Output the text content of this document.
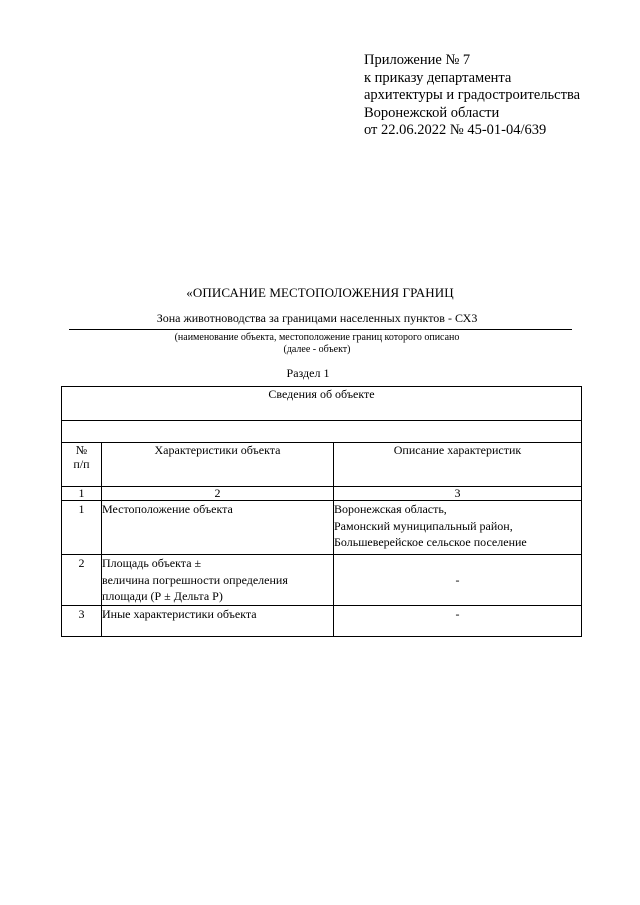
Приложение № 7
к приказу департамента
архитектуры и градостроительства
Воронежской области
от 22.06.2022 № 45-01-04/639
«ОПИСАНИЕ МЕСТОПОЛОЖЕНИЯ ГРАНИЦ
Зона животноводства за границами населенных пунктов - СХ3
(наименование объекта, местоположение границ которого описано
(далее - объект)
Раздел 1
Сведения об объекте		

№
п/п	Характеристики объекта	Описание характеристик
1	2	3
1	Местоположение объекта	Воронежская область,
Рамонский муниципальный район,
Большеверейское сельское поселение

2	Площадь объекта ±
величина погрешности определения
площади (Р ± Дельта Р)	-
3	Иные характеристики объекта	-
